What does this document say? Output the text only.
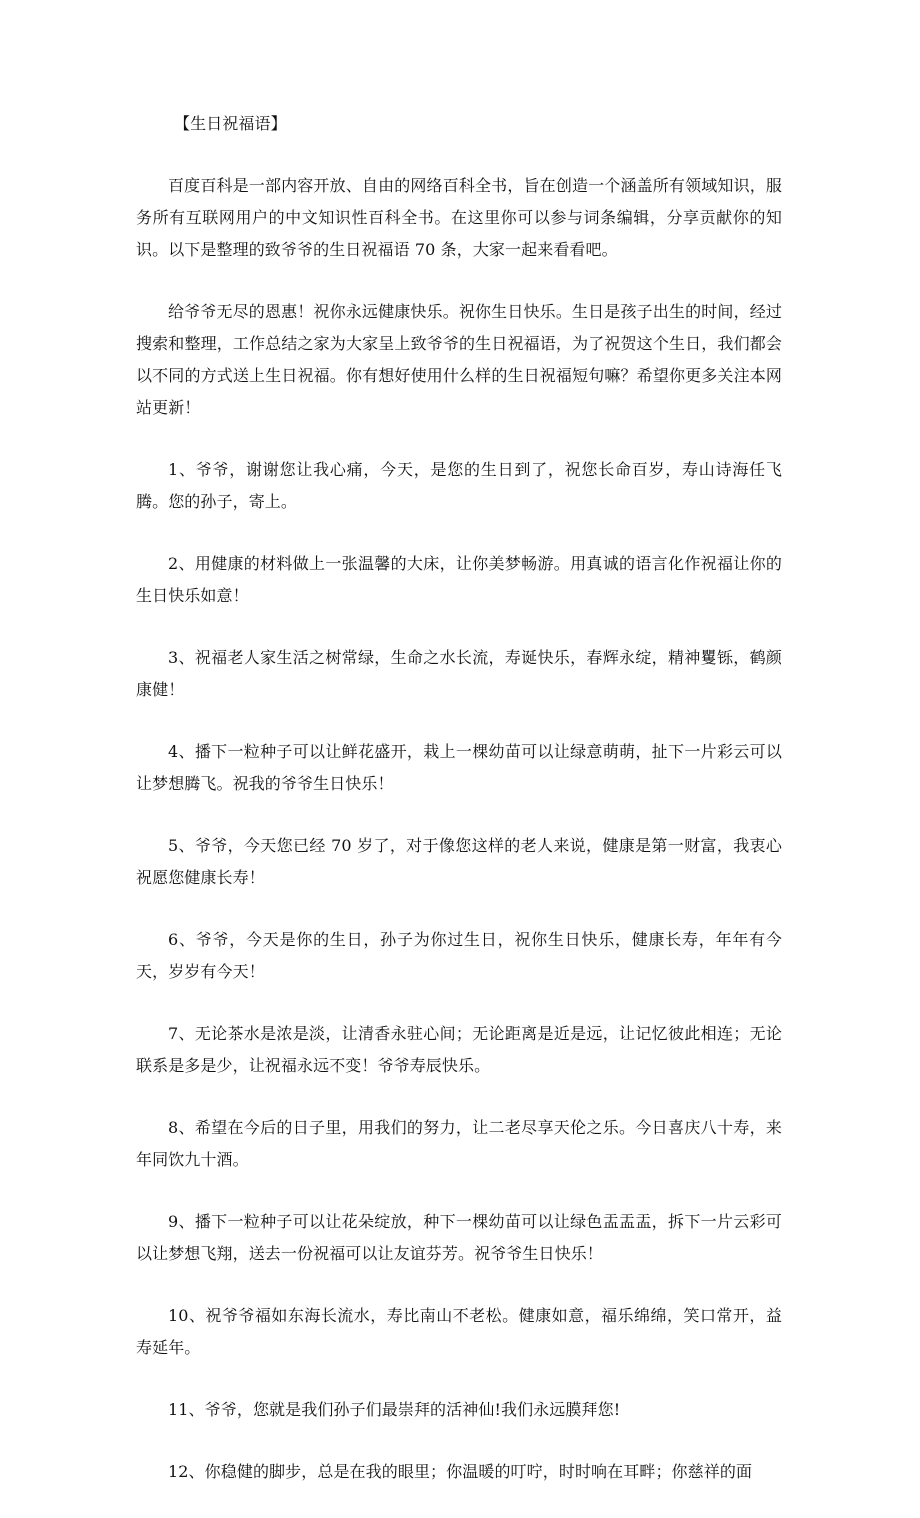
【生日祝福语】

百度百科是一部内容开放、自由的网络百科全书，旨在创造一个涵盖所有领域知识，服务所有互联网用户的中文知识性百科全书。在这里你可以参与词条编辑，分享贡献你的知识。以下是整理的致爷爷的生日祝福语 70 条，大家一起来看看吧。

给爷爷无尽的恩惠！祝你永远健康快乐。祝你生日快乐。生日是孩子出生的时间，经过搜索和整理，工作总结之家为大家呈上致爷爷的生日祝福语，为了祝贺这个生日，我们都会以不同的方式送上生日祝福。你有想好使用什么样的生日祝福短句嘛？希望你更多关注本网站更新！

1、爷爷，谢谢您让我心痛，今天，是您的生日到了，祝您长命百岁，寿山诗海任飞腾。您的孙子，寄上。

2、用健康的材料做上一张温馨的大床，让你美梦畅游。用真诚的语言化作祝福让你的生日快乐如意！

3、祝福老人家生活之树常绿，生命之水长流，寿诞快乐，春辉永绽，精神矍铄，鹤颜康健！

4、播下一粒种子可以让鲜花盛开，栽上一棵幼苗可以让绿意萌萌，扯下一片彩云可以让梦想腾飞。祝我的爷爷生日快乐！

5、爷爷，今天您已经 70 岁了，对于像您这样的老人来说，健康是第一财富，我衷心祝愿您健康长寿！

6、爷爷，今天是你的生日，孙子为你过生日，祝你生日快乐，健康长寿，年年有今天，岁岁有今天！

7、无论茶水是浓是淡，让清香永驻心间；无论距离是近是远，让记忆彼此相连；无论联系是多是少，让祝福永远不变！爷爷寿辰快乐。

8、希望在今后的日子里，用我们的努力，让二老尽享天伦之乐。今日喜庆八十寿，来年同饮九十酒。

9、播下一粒种子可以让花朵绽放，种下一棵幼苗可以让绿色盂盂盂，拆下一片云彩可以让梦想飞翔，送去一份祝福可以让友谊芬芳。祝爷爷生日快乐！

10、祝爷爷福如东海长流水，寿比南山不老松。健康如意，福乐绵绵，笑口常开，益寿延年。

11、爷爷，您就是我们孙子们最崇拜的活神仙!我们永远膜拜您!

12、你稳健的脚步，总是在我的眼里；你温暖的叮咛，时时响在耳畔；你慈祥的面
